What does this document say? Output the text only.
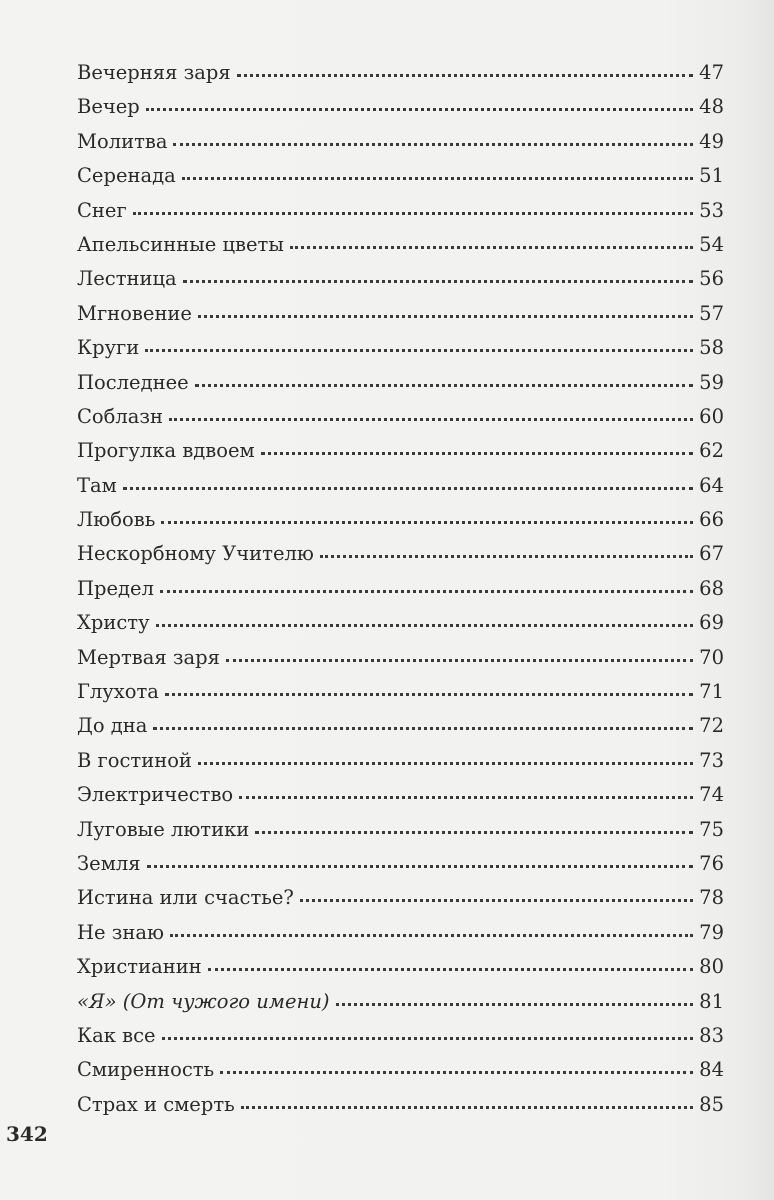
Вечерняя заря	47
Вечер	48
Молитва	49
Серенада	51
Снег	53
Апельсинные цветы	54
Лестница	56
Мгновение	57
Круги	58
Последнее	59
Соблазн	60
Прогулка вдвоем	62
Там	64
Любовь	66
Нескорбному Учителю	67
Предел	68
Христу	69
Мертвая заря	70
Глухота	71
До дна	72
В гостиной	73
Электричество	74
Луговые лютики	75
Земля	76
Истина или счастье?	78
Не знаю	79
Христианин	80
«Я» (От чужого имени)	81
Как все	83
Смиренность	84
Страх и смерть	85
342
